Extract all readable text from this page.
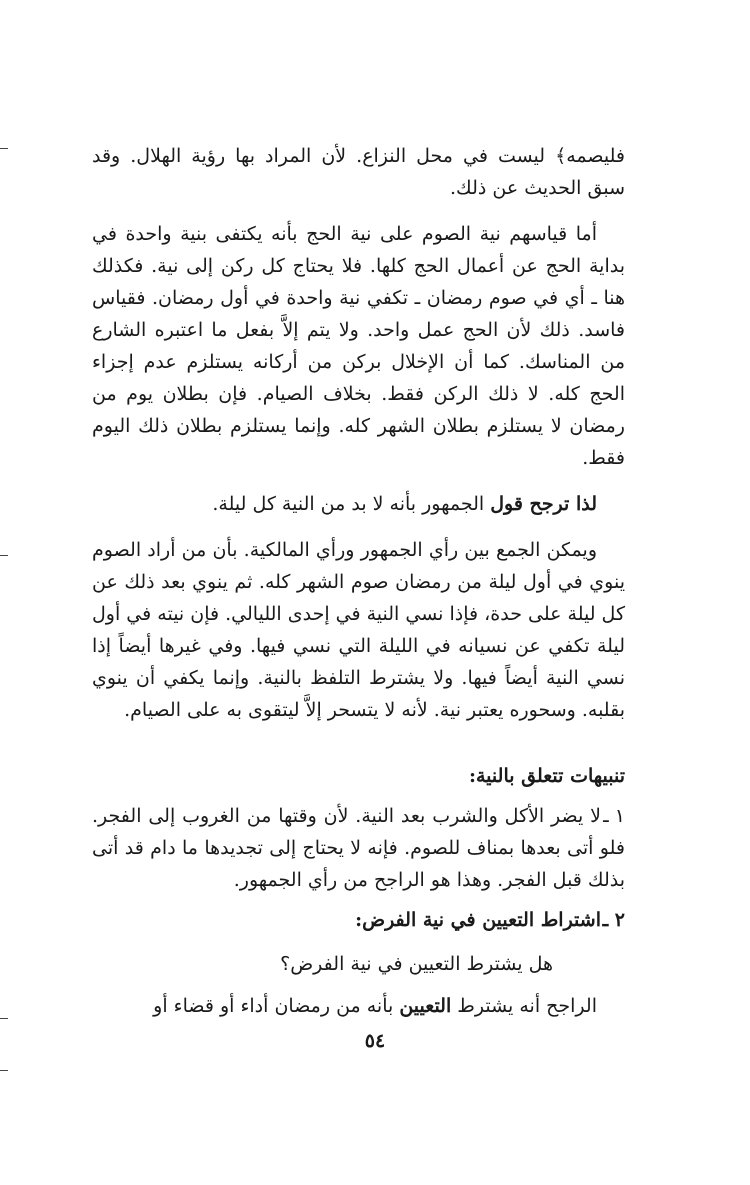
فليصمه﴾ ليست في محل النزاع. لأن المراد بها رؤية الهلال. وقد سبق الحديث عن ذلك.

أما قياسهم نية الصوم على نية الحج بأنه يكتفى بنية واحدة في بداية الحج عن أعمال الحج كلها. فلا يحتاج كل ركن إلى نية. فكذلك هنا ـ أي في صوم رمضان ـ تكفي نية واحدة في أول رمضان. فقياس فاسد. ذلك لأن الحج عمل واحد. ولا يتم إلاَّ بفعل ما اعتبره الشارع من المناسك. كما أن الإخلال بركن من أركانه يستلزم عدم إجزاء الحج كله. لا ذلك الركن فقط. بخلاف الصيام. فإن بطلان يوم من رمضان لا يستلزم بطلان الشهر كله. وإنما يستلزم بطلان ذلك اليوم فقط.

لذا ترجح قول الجمهور بأنه لا بد من النية كل ليلة.

ويمكن الجمع بين رأي الجمهور ورأي المالكية. بأن من أراد الصوم ينوي في أول ليلة من رمضان صوم الشهر كله. ثم ينوي بعد ذلك عن كل ليلة على حدة، فإذا نسي النية في إحدى الليالي. فإن نيته في أول ليلة تكفي عن نسيانه في الليلة التي نسي فيها. وفي غيرها أيضاً إذا نسي النية أيضاً فيها. ولا يشترط التلفظ بالنية. وإنما يكفي أن ينوي بقلبه. وسحوره يعتبر نية. لأنه لا يتسحر إلاَّ ليتقوى به على الصيام.

تنبيهات تتعلق بالنية:

١ ـلا يضر الأكل والشرب بعد النية. لأن وقتها من الغروب إلى الفجر. فلو أتى بعدها بمناف للصوم. فإنه لا يحتاج إلى تجديدها ما دام قد أتى بذلك قبل الفجر. وهذا هو الراجح من رأي الجمهور.

٢ ـاشتراط التعيين في نية الفرض:

هل يشترط التعيين في نية الفرض؟

الراجح أنه يشترط التعيين بأنه من رمضان أداء أو قضاء أو

٥٤
